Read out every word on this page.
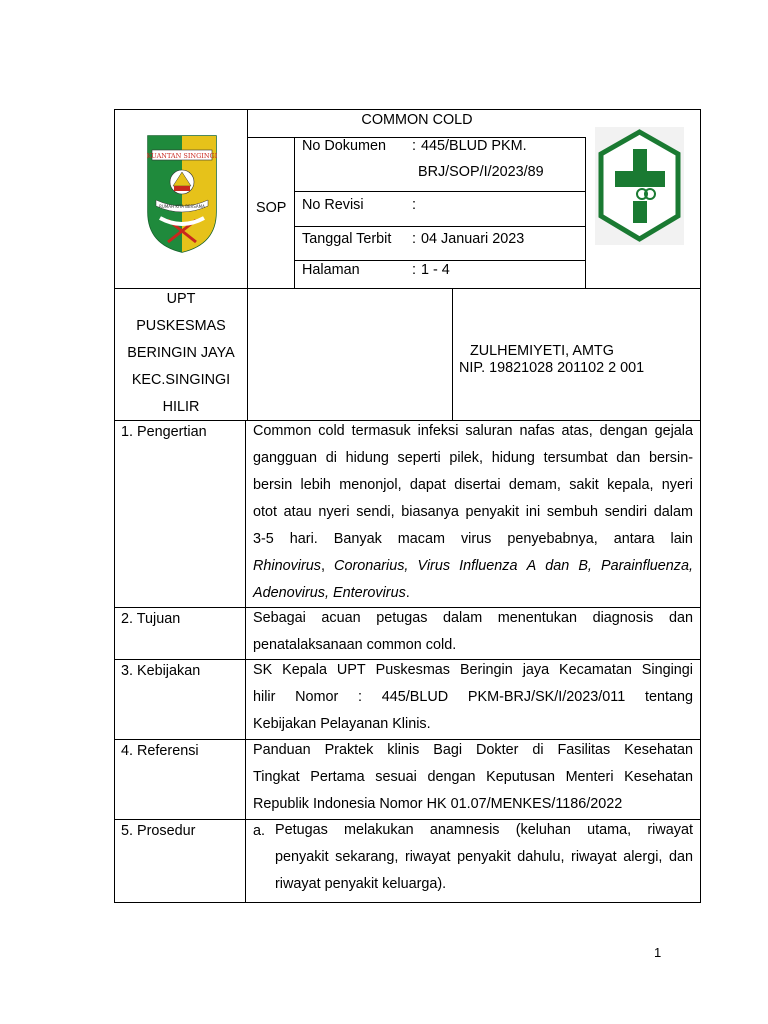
KUANTAN SINGINGI
RUMAH KITA BERSAMA
COMMON COLD
SOP
No Dokumen : 445/BLUD PKM.
BRJ/SOP/I/2023/89
No Revisi	:
Tanggal Terbit : 04 Januari 2023
Halaman	: 1 - 4
UPT
PUSKESMAS
BERINGIN JAYA
KEC.SINGINGI
HILIR
ZULHEMIYETI, AMTG
NIP. 19821028 201102 2 001
1. Pengertian	Common cold termasuk infeksi saluran nafas atas, dengan gejala
gangguan di hidung seperti pilek, hidung tersumbat dan bersin-
bersin lebih menonjol, dapat disertai demam, sakit kepala, nyeri
otot atau nyeri sendi, biasanya penyakit ini sembuh sendiri dalam
3-5 hari. Banyak macam virus penyebabnya, antara lain
Rhinovirus, Coronarius, Virus Influenza A dan B, Parainfluenza,
Adenovirus, Enterovirus.
2. Tujuan	Sebagai acuan petugas dalam menentukan diagnosis dan
penatalaksanaan common cold.
3. Kebijakan	SK Kepala UPT Puskesmas Beringin jaya Kecamatan Singingi
hilir Nomor : 445/BLUD PKM-BRJ/SK/I/2023/011 tentang
Kebijakan Pelayanan Klinis.
4. Referensi	Panduan Praktek klinis Bagi Dokter di Fasilitas Kesehatan
Tingkat Pertama sesuai dengan Keputusan Menteri Kesehatan
Republik Indonesia Nomor HK 01.07/MENKES/1186/2022
5. Prosedur	a. Petugas melakukan anamnesis (keluhan utama, riwayat
penyakit sekarang, riwayat penyakit dahulu, riwayat alergi, dan
riwayat penyakit keluarga).
1
